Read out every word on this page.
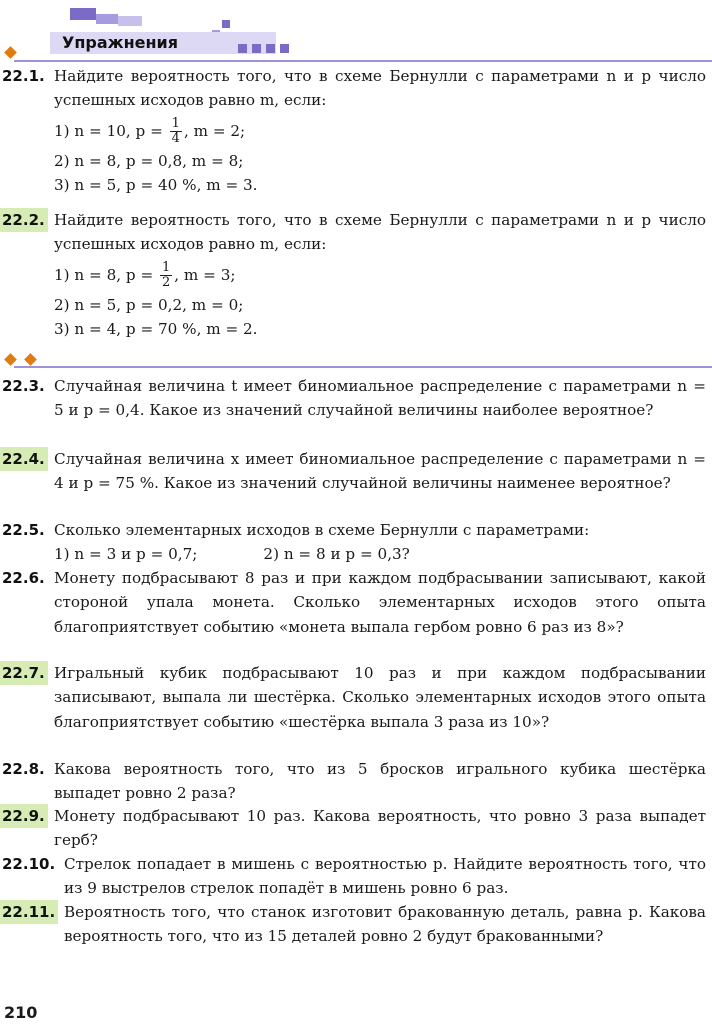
Упражнения
22.1. Найдите вероятность того, что в схеме Бернулли с параметрами n и p число успешных исходов равно m, если:
1) n = 10, $p = \frac{1}{4}$ , m = 2;
2) n = 8, p = 0,8, m = 8;
3) n = 5, p = 40 %, m = 3.
22.2. Найдите вероятность того, что в схеме Бернулли с параметрами n и p число успешных исходов равно m, если:
1) n = 8, $p = \frac{1}{2}$ , m = 3;
2) n = 5, p = 0,2, m = 0;
3) n = 4, p = 70 %, m = 2.
22.3. Случайная величина t имеет биномиальное распределение с параметрами n = 5 и p = 0,4. Какое из значений случайной величины наиболее вероятное?
22.4. Случайная величина x имеет биномиальное распределение с параметрами n = 4 и p = 75 %. Какое из значений случайной величины наименее вероятное?
22.5. Сколько элементарных исходов в схеме Бернулли с параметрами:
1) n = 3 и p = 0,7;	2) n = 8 и p = 0,3?
22.6. Монету подбрасывают 8 раз и при каждом подбрасывании записывают, какой стороной упала монета. Сколько элементарных исходов этого опыта благоприятствует событию «монета выпала гербом ровно 6 раз из 8»?
22.7. Игральный кубик подбрасывают 10 раз и при каждом подбрасывании записывают, выпала ли шестёрка. Сколько элементарных исходов этого опыта благоприятствует событию «шестёрка выпала 3 раза из 10»?
22.8. Какова вероятность того, что из 5 бросков игрального кубика шестёрка выпадет ровно 2 раза?
22.9. Монету подбрасывают 10 раз. Какова вероятность, что ровно 3 раза выпадет герб?
22.10. Стрелок попадает в мишень с вероятностью p. Найдите вероятность того, что из 9 выстрелов стрелок попадёт в мишень ровно 6 раз.
22.11. Вероятность того, что станок изготовит бракованную деталь, равна p. Какова вероятность того, что из 15 деталей ровно 2 будут бракованными?
210
